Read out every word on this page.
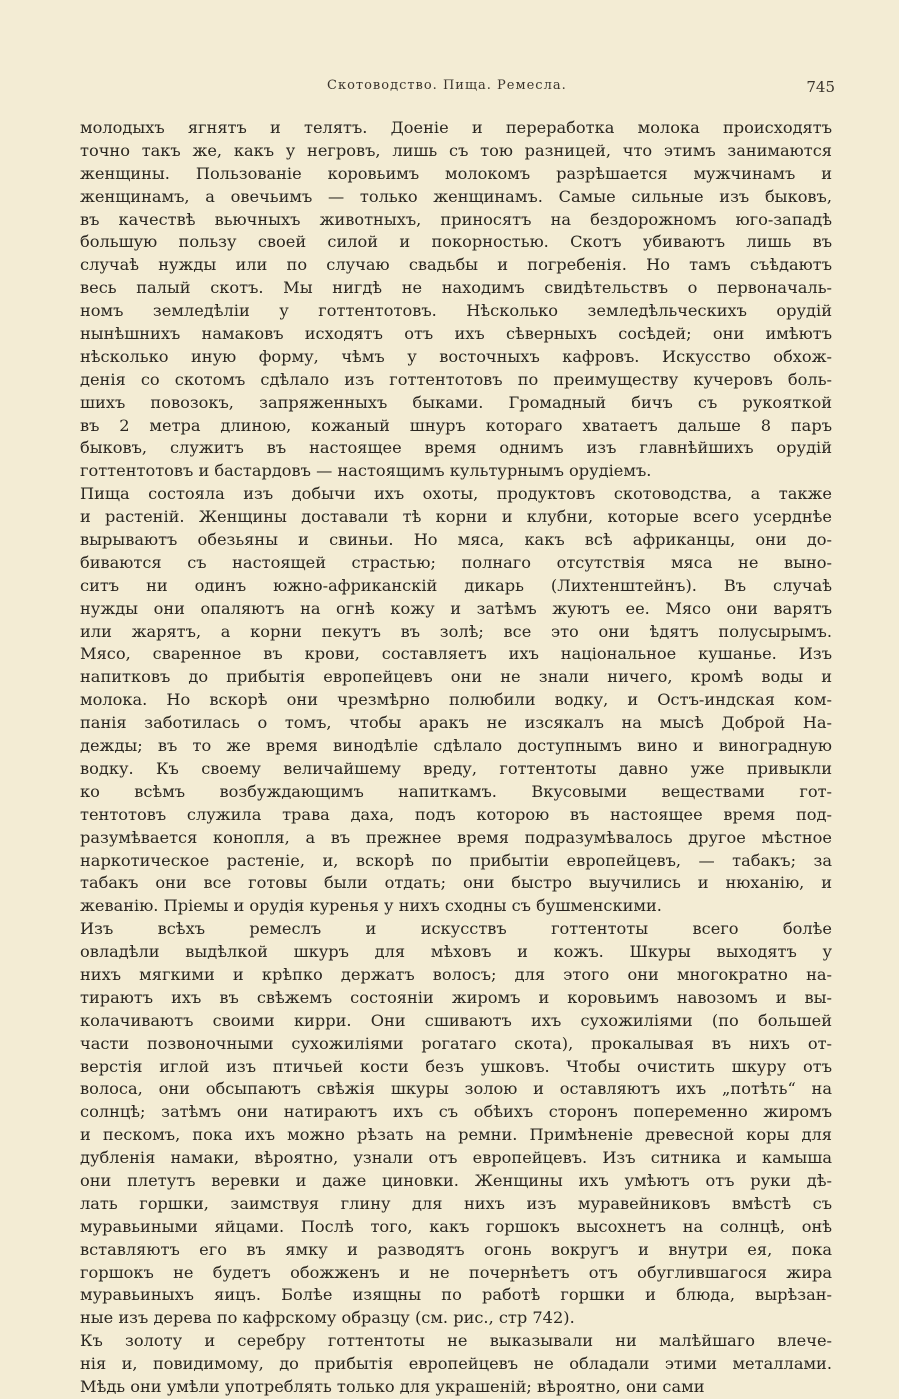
Скотоводство. Пища. Ремесла.	745
молодыхъ ягнятъ и телятъ. Доеніе и переработка молока происходятъ
точно такъ же, какъ у негровъ, лишь съ тою разницей, что этимъ занимаются
женщины. Пользованіе коровьимъ молокомъ разрѣшается мужчинамъ и
женщинамъ, а овечьимъ — только женщинамъ. Самые сильные изъ быковъ,
въ качествѣ вьючныхъ животныхъ, приносятъ на бездорожномъ юго-западѣ
большую пользу своей силой и покорностью. Скотъ убиваютъ лишь въ
случаѣ нужды или по случаю свадьбы и погребенія. Но тамъ съѣдаютъ
весь палый скотъ. Мы нигдѣ не находимъ свидѣтельствъ о первоначаль-
номъ земледѣліи у готтентотовъ. Нѣсколько земледѣльческихъ орудій
нынѣшнихъ намаковъ исходятъ отъ ихъ сѣверныхъ сосѣдей; они имѣютъ
нѣсколько иную форму, чѣмъ у восточныхъ кафровъ. Искусство обхож-
денія со скотомъ сдѣлало изъ готтентотовъ по преимуществу кучеровъ боль-
шихъ повозокъ, запряженныхъ быками. Громадный бичъ съ рукояткой
въ 2 метра длиною, кожаный шнуръ котораго хватаетъ дальше 8 паръ
быковъ, служитъ въ настоящее время однимъ изъ главнѣйшихъ орудій
готтентотовъ и бастардовъ — настоящимъ культурнымъ орудіемъ.
Пища состояла изъ добычи ихъ охоты, продуктовъ скотоводства, а также
и растеній. Женщины доставали тѣ корни и клубни, которые всего усерднѣе
вырываютъ обезьяны и свиньи. Но мяса, какъ всѣ африканцы, они до-
биваются съ настоящей страстью; полнаго отсутствія мяса не выно-
ситъ ни одинъ южно-африканскій дикарь (Лихтенштейнъ). Въ случаѣ
нужды они опаляютъ на огнѣ кожу и затѣмъ жуютъ ее. Мясо они варятъ
или жарятъ, а корни пекутъ въ золѣ; все это они ѣдятъ полусырымъ.
Мясо, сваренное въ крови, составляетъ ихъ національное кушанье. Изъ
напитковъ до прибытія европейцевъ они не знали ничего, кромѣ воды и
молока. Но вскорѣ они чрезмѣрно полюбили водку, и Остъ-индская ком-
панія заботилась о томъ, чтобы аракъ не изсякалъ на мысѣ Доброй На-
дежды; въ то же время винодѣліе сдѣлало доступнымъ вино и виноградную
водку. Къ своему величайшему вреду, готтентоты давно уже привыкли
ко всѣмъ возбуждающимъ напиткамъ. Вкусовыми веществами гот-
тентотовъ служила трава даха, подъ которою въ настоящее время под-
разумѣвается конопля, а въ прежнее время подразумѣвалось другое мѣстное
наркотическое растеніе, и, вскорѣ по прибытіи европейцевъ, — табакъ; за
табакъ они все готовы были отдать; они быстро выучились и нюханію, и
жеванію. Пріемы и орудія куренья у нихъ сходны съ бушменскими.
Изъ всѣхъ ремеслъ и искусствъ готтентоты всего болѣе
овладѣли выдѣлкой шкуръ для мѣховъ и кожъ. Шкуры выходятъ у
нихъ мягкими и крѣпко держатъ волосъ; для этого они многократно на-
тираютъ ихъ въ свѣжемъ состояніи жиромъ и коровьимъ навозомъ и вы-
колачиваютъ своими кирри. Они сшиваютъ ихъ сухожиліями (по большей
части позвоночными сухожиліями рогатаго скота), прокалывая въ нихъ от-
верстія иглой изъ птичьей кости безъ ушковъ. Чтобы очистить шкуру отъ
волоса, они обсыпаютъ свѣжія шкуры золою и оставляютъ ихъ „потѣть“ на
солнцѣ; затѣмъ они натираютъ ихъ съ обѣихъ сторонъ попеременно жиромъ
и пескомъ, пока ихъ можно рѣзать на ремни. Примѣненіе древесной коры для
дубленія намаки, вѣроятно, узнали отъ европейцевъ. Изъ ситника и камыша
они плетутъ веревки и даже циновки. Женщины ихъ умѣютъ отъ руки дѣ-
лать горшки, заимствуя глину для нихъ изъ муравейниковъ вмѣстѣ съ
муравьиными яйцами. Послѣ того, какъ горшокъ высохнетъ на солнцѣ, онѣ
вставляютъ его въ ямку и разводятъ огонь вокругъ и внутри ея, пока
горшокъ не будетъ обожженъ и не почернѣетъ отъ обуглившагося жира
муравьиныхъ яицъ. Болѣе изящны по работѣ горшки и блюда, вырѣзан-
ные изъ дерева по кафрскому образцу (см. рис., стр 742).
Къ золоту и серебру готтентоты не выказывали ни малѣйшаго влече-
нія и, повидимому, до прибытія европейцевъ не обладали этими металлами.
Мѣдь они умѣли употреблять только для украшеній; вѣроятно, они сами
